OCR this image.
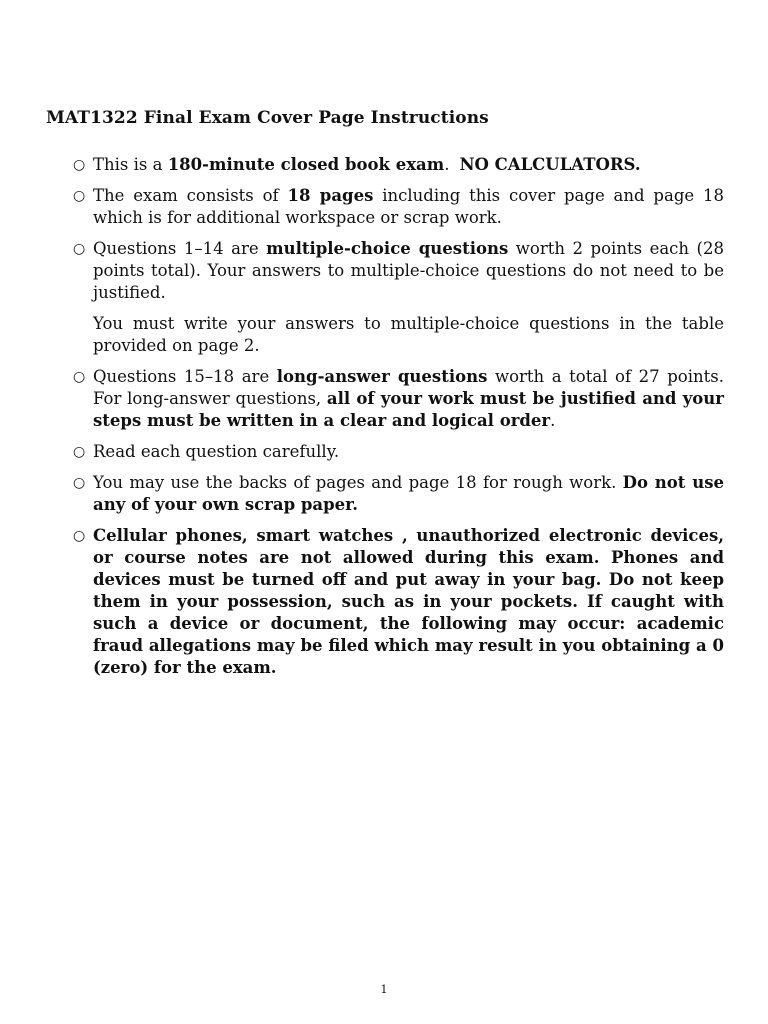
MAT1322 Final Exam Cover Page Instructions
○ This is a 180-minute closed book exam. NO CALCULATORS.
○ The exam consists of 18 pages including this cover page and page 18 which is for additional workspace or scrap work.
○ Questions 1–14 are multiple-choice questions worth 2 points each (28 points total). Your answers to multiple-choice questions do not need to be justified.
You must write your answers to multiple-choice questions in the table provided on page 2.
○ Questions 15–18 are long-answer questions worth a total of 27 points. For long-answer questions, all of your work must be justified and your steps must be written in a clear and logical order.
○ Read each question carefully.
○ You may use the backs of pages and page 18 for rough work. Do not use any of your own scrap paper.
○ Cellular phones, smart watches , unauthorized electronic devices, or course notes are not allowed during this exam. Phones and devices must be turned off and put away in your bag. Do not keep them in your possession, such as in your pockets. If caught with such a device or document, the following may occur: academic fraud allegations may be filed which may result in you obtaining a 0 (zero) for the exam.
1
